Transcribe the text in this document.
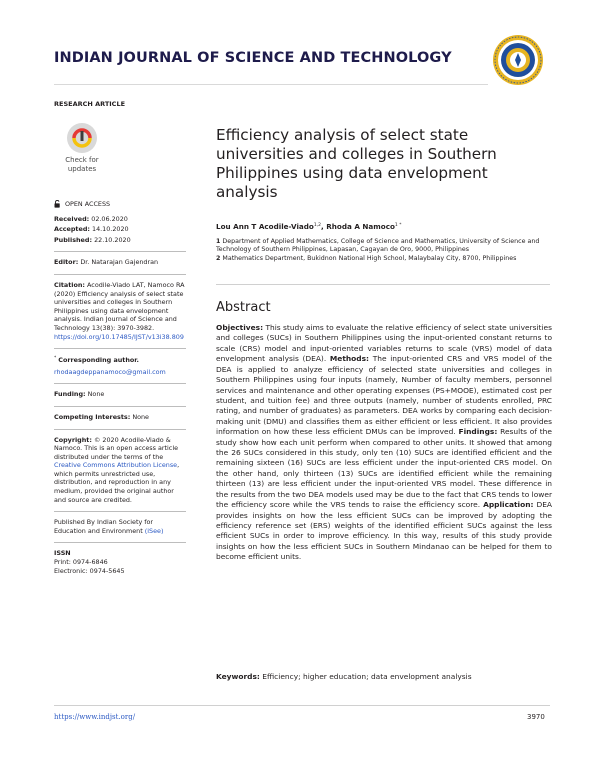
INDIAN JOURNAL OF SCIENCE AND TECHNOLOGY
RESEARCH ARTICLE
Check for
updates
OPEN ACCESS
Received: 02.06.2020
Accepted: 14.10.2020
Published: 22.10.2020
Editor: Dr. Natarajan Gajendran
Citation: Acodile-Viado LAT, Namoco RA (2020) Efficiency analysis of select state universities and colleges in Southern Philippines using data envelopment analysis. Indian Journal of Science and Technology 13(38): 3970-3982. https://doi.org/10.17485/IJST/v13i38.809
* Corresponding author.
rhodaagdeppanamoco@gmail.com
Funding: None
Competing Interests: None
Copyright: © 2020 Acodile-Viado & Namoco. This is an open access article distributed under the terms of the Creative Commons Attribution License, which permits unrestricted use, distribution, and reproduction in any medium, provided the original author and source are credited.
Published By Indian Society for Education and Environment (iSee)
ISSN
Print: 0974-6846
Electronic: 0974-5645
Efficiency analysis of select state universities and colleges in Southern Philippines using data envelopment analysis
Lou Ann T Acodile-Viado$^{1,2}$, Rhoda A Namoco$^{1 *}$
1 Department of Applied Mathematics, College of Science and Mathematics, University of Science and Technology of Southern Philippines, Lapasan, Cagayan de Oro, 9000, Philippines
2 Mathematics Department, Bukidnon National High School, Malaybalay City, 8700, Philippines
Abstract

Objectives: This study aims to evaluate the relative efficiency of select state universities and colleges (SUCs) in Southern Philippines using the input-oriented constant returns to scale (CRS) model and input-oriented variables returns to scale (VRS) model of data envelopment analysis (DEA). Methods: The input-oriented CRS and VRS model of the DEA is applied to analyze efficiency of selected state universities and colleges in Southern Philippines using four inputs (namely, Number of faculty members, personnel services and maintenance and other operating expenses (PS+MOOE), estimated cost per student, and tuition fee) and three outputs (namely, number of students enrolled, PRC rating, and number of graduates) as parameters. DEA works by comparing each decision-making unit (DMU) and classifies them as either efficient or less efficient. It also provides information on how these less efficient DMUs can be improved. Findings: Results of the study show how each unit perform when compared to other units. It showed that among the 26 SUCs considered in this study, only ten (10) SUCs are identified efficient and the remaining sixteen (16) SUCs are less efficient under the input-oriented CRS model. On the other hand, only thirteen (13) SUCs are identified efficient while the remaining thirteen (13) are less efficient under the input-oriented VRS model. These difference in the results from the two DEA models used may be due to the fact that CRS tends to lower the efficiency score while the VRS tends to raise the efficiency score. Application: DEA provides insights on how the less efficient SUCs can be improved by adopting the efficiency reference set (ERS) weights of the identified efficient SUCs against the less efficient SUCs in order to improve efficiency. In this way, results of this study provide insights on how the less efficient SUCs in Southern Mindanao can be helped for them to become efficient units.

Keywords: Efficiency; higher education; data envelopment analysis
https://www.indjst.org/	3970
